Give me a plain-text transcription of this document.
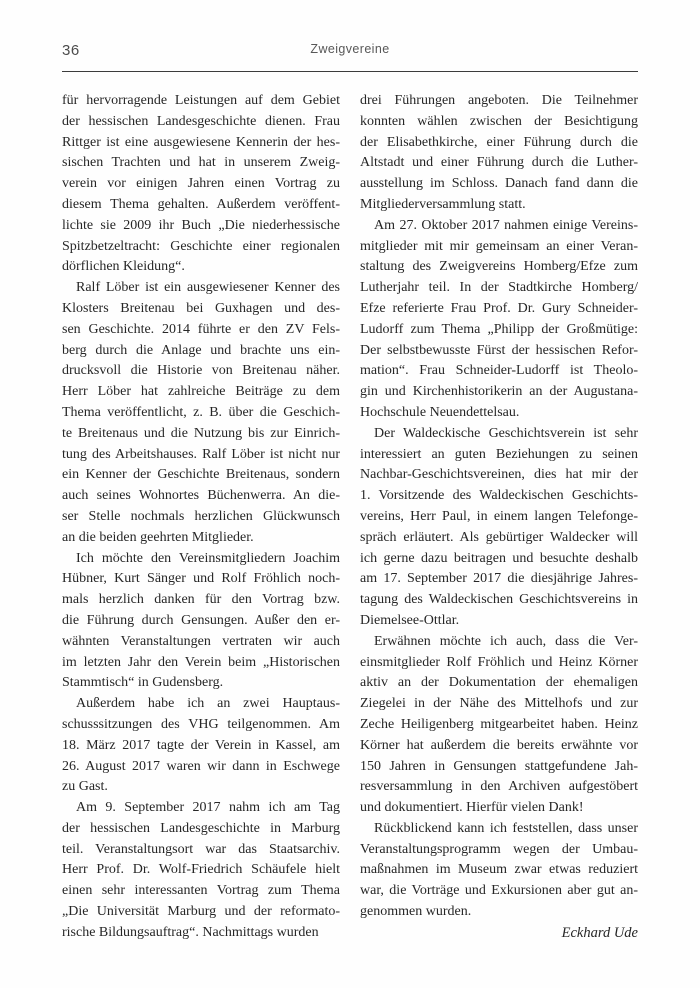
36	Zweigvereine
für hervorragende Leistungen auf dem Gebiet
der hessischen Landesgeschichte dienen. Frau
Rittger ist eine ausgewiesene Kennerin der hes-
sischen Trachten und hat in unserem Zweig-
verein vor einigen Jahren einen Vortrag zu
diesem Thema gehalten. Außerdem veröffent-
lichte sie 2009 ihr Buch „Die niederhessische
Spitzbetzeltracht: Geschichte einer regionalen
dörflichen Kleidung“.
Ralf Löber ist ein ausgewiesener Kenner des
Klosters Breitenau bei Guxhagen und des-
sen Geschichte. 2014 führte er den ZV Fels-
berg durch die Anlage und brachte uns ein-
drucksvoll die Historie von Breitenau näher.
Herr Löber hat zahlreiche Beiträge zu dem
Thema veröffentlicht, z. B. über die Geschich-
te Breitenaus und die Nutzung bis zur Einrich-
tung des Arbeitshauses. Ralf Löber ist nicht nur
ein Kenner der Geschichte Breitenaus, sondern
auch seines Wohnortes Büchenwerra. An die-
ser Stelle nochmals herzlichen Glückwunsch
an die beiden geehrten Mitglieder.
Ich möchte den Vereinsmitgliedern Joachim
Hübner, Kurt Sänger und Rolf Fröhlich noch-
mals herzlich danken für den Vortrag bzw.
die Führung durch Gensungen. Außer den er-
wähnten Veranstaltungen vertraten wir auch
im letzten Jahr den Verein beim „Historischen
Stammtisch“ in Gudensberg.
Außerdem habe ich an zwei Hauptaus-
schusssitzungen des VHG teilgenommen. Am
18. März 2017 tagte der Verein in Kassel, am
26. August 2017 waren wir dann in Eschwege
zu Gast.
Am 9. September 2017 nahm ich am Tag
der hessischen Landesgeschichte in Marburg
teil. Veranstaltungsort war das Staatsarchiv.
Herr Prof. Dr. Wolf-Friedrich Schäufele hielt
einen sehr interessanten Vortrag zum Thema
„Die Universität Marburg und der reformato-
rische Bildungsauftrag“. Nachmittags wurden
drei Führungen angeboten. Die Teilnehmer
konnten wählen zwischen der Besichtigung
der Elisabethkirche, einer Führung durch die
Altstadt und einer Führung durch die Luther-
ausstellung im Schloss. Danach fand dann die
Mitgliederversammlung statt.
Am 27. Oktober 2017 nahmen einige Vereins-
mitglieder mit mir gemeinsam an einer Veran-
staltung des Zweigvereins Homberg/Efze zum
Lutherjahr teil. In der Stadtkirche Homberg/
Efze referierte Frau Prof. Dr. Gury Schneider-
Ludorff zum Thema „Philipp der Großmütige:
Der selbstbewusste Fürst der hessischen Refor-
mation“. Frau Schneider-Ludorff ist Theolo-
gin und Kirchenhistorikerin an der Augustana-
Hochschule Neuendettelsau.
Der Waldeckische Geschichtsverein ist sehr
interessiert an guten Beziehungen zu seinen
Nachbar-Geschichtsvereinen, dies hat mir der
1. Vorsitzende des Waldeckischen Geschichts-
vereins, Herr Paul, in einem langen Telefonge-
spräch erläutert. Als gebürtiger Waldecker will
ich gerne dazu beitragen und besuchte deshalb
am 17. September 2017 die diesjährige Jahres-
tagung des Waldeckischen Geschichtsvereins in
Diemelsee-Ottlar.
Erwähnen möchte ich auch, dass die Ver-
einsmitglieder Rolf Fröhlich und Heinz Körner
aktiv an der Dokumentation der ehemaligen
Ziegelei in der Nähe des Mittelhofs und zur
Zeche Heiligenberg mitgearbeitet haben. Heinz
Körner hat außerdem die bereits erwähnte vor
150 Jahren in Gensungen stattgefundene Jah-
resversammlung in den Archiven aufgestöbert
und dokumentiert. Hierfür vielen Dank!
Rückblickend kann ich feststellen, dass unser
Veranstaltungsprogramm wegen der Umbau-
maßnahmen im Museum zwar etwas reduziert
war, die Vorträge und Exkursionen aber gut an-
genommen wurden.
Eckhard Ude
